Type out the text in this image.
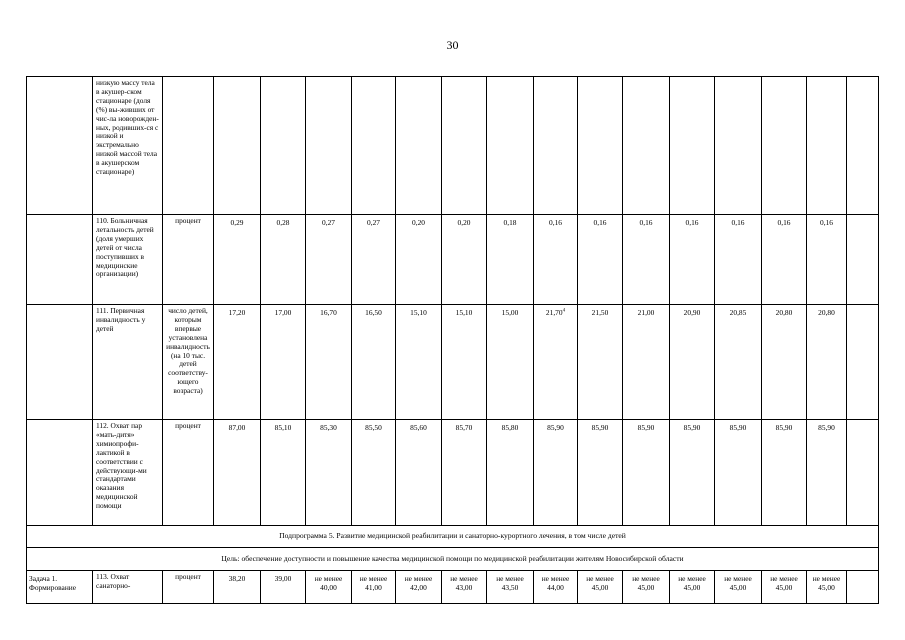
30
	низкую массу тела в акушер-ском стационаре (доля (%) вы-живших от чис-ла новорожден-ных, родивших-ся с низкой и экстремально низкой массой тела в акушерском стационаре)																
	110. Больничная летальность детей (доля умерших детей от числа поступивших в медицинские организации)	процент	0,29	0,28	0,27	0,27	0,20	0,20	0,18	0,16	0,16	0,16	0,16	0,16	0,16	0,16	
	111. Первичная инвалидность у детей	число детей, которым впервые установлена инвалидность (на 10 тыс. детей соответству-ющего возраста)	17,20	17,00	16,70	16,50	15,10	15,10	15,00	21,70$^4$	21,50	21,00	20,90	20,85	20,80	20,80	
	112. Охват пар «мать-дитя» химиопрофи-лактикой в соответствии с действующи-ми стандартами оказания медицинской помощи	процент	87,00	85,10	85,30	85,50	85,60	85,70	85,80	85,90	85,90	85,90	85,90	85,90	85,90	85,90	
Подпрограмма 5. Развитие медицинской реабилитации и санаторно-курортного лечения, в том числе детей																	
Цель: обеспечение доступности и повышение качества медицинской помощи по медицинской реабилитации жителям Новосибирской области																	
Задача 1. Формирование	113. Охват санаторно-	процент	38,20	39,00	не менее 40,00	не менее 41,00	не менее 42,00	не менее 43,00	не менее 43,50	не менее 44,00	не менее 45,00	не менее 45,00	не менее 45,00	не менее 45,00	не менее 45,00	не менее 45,00	
